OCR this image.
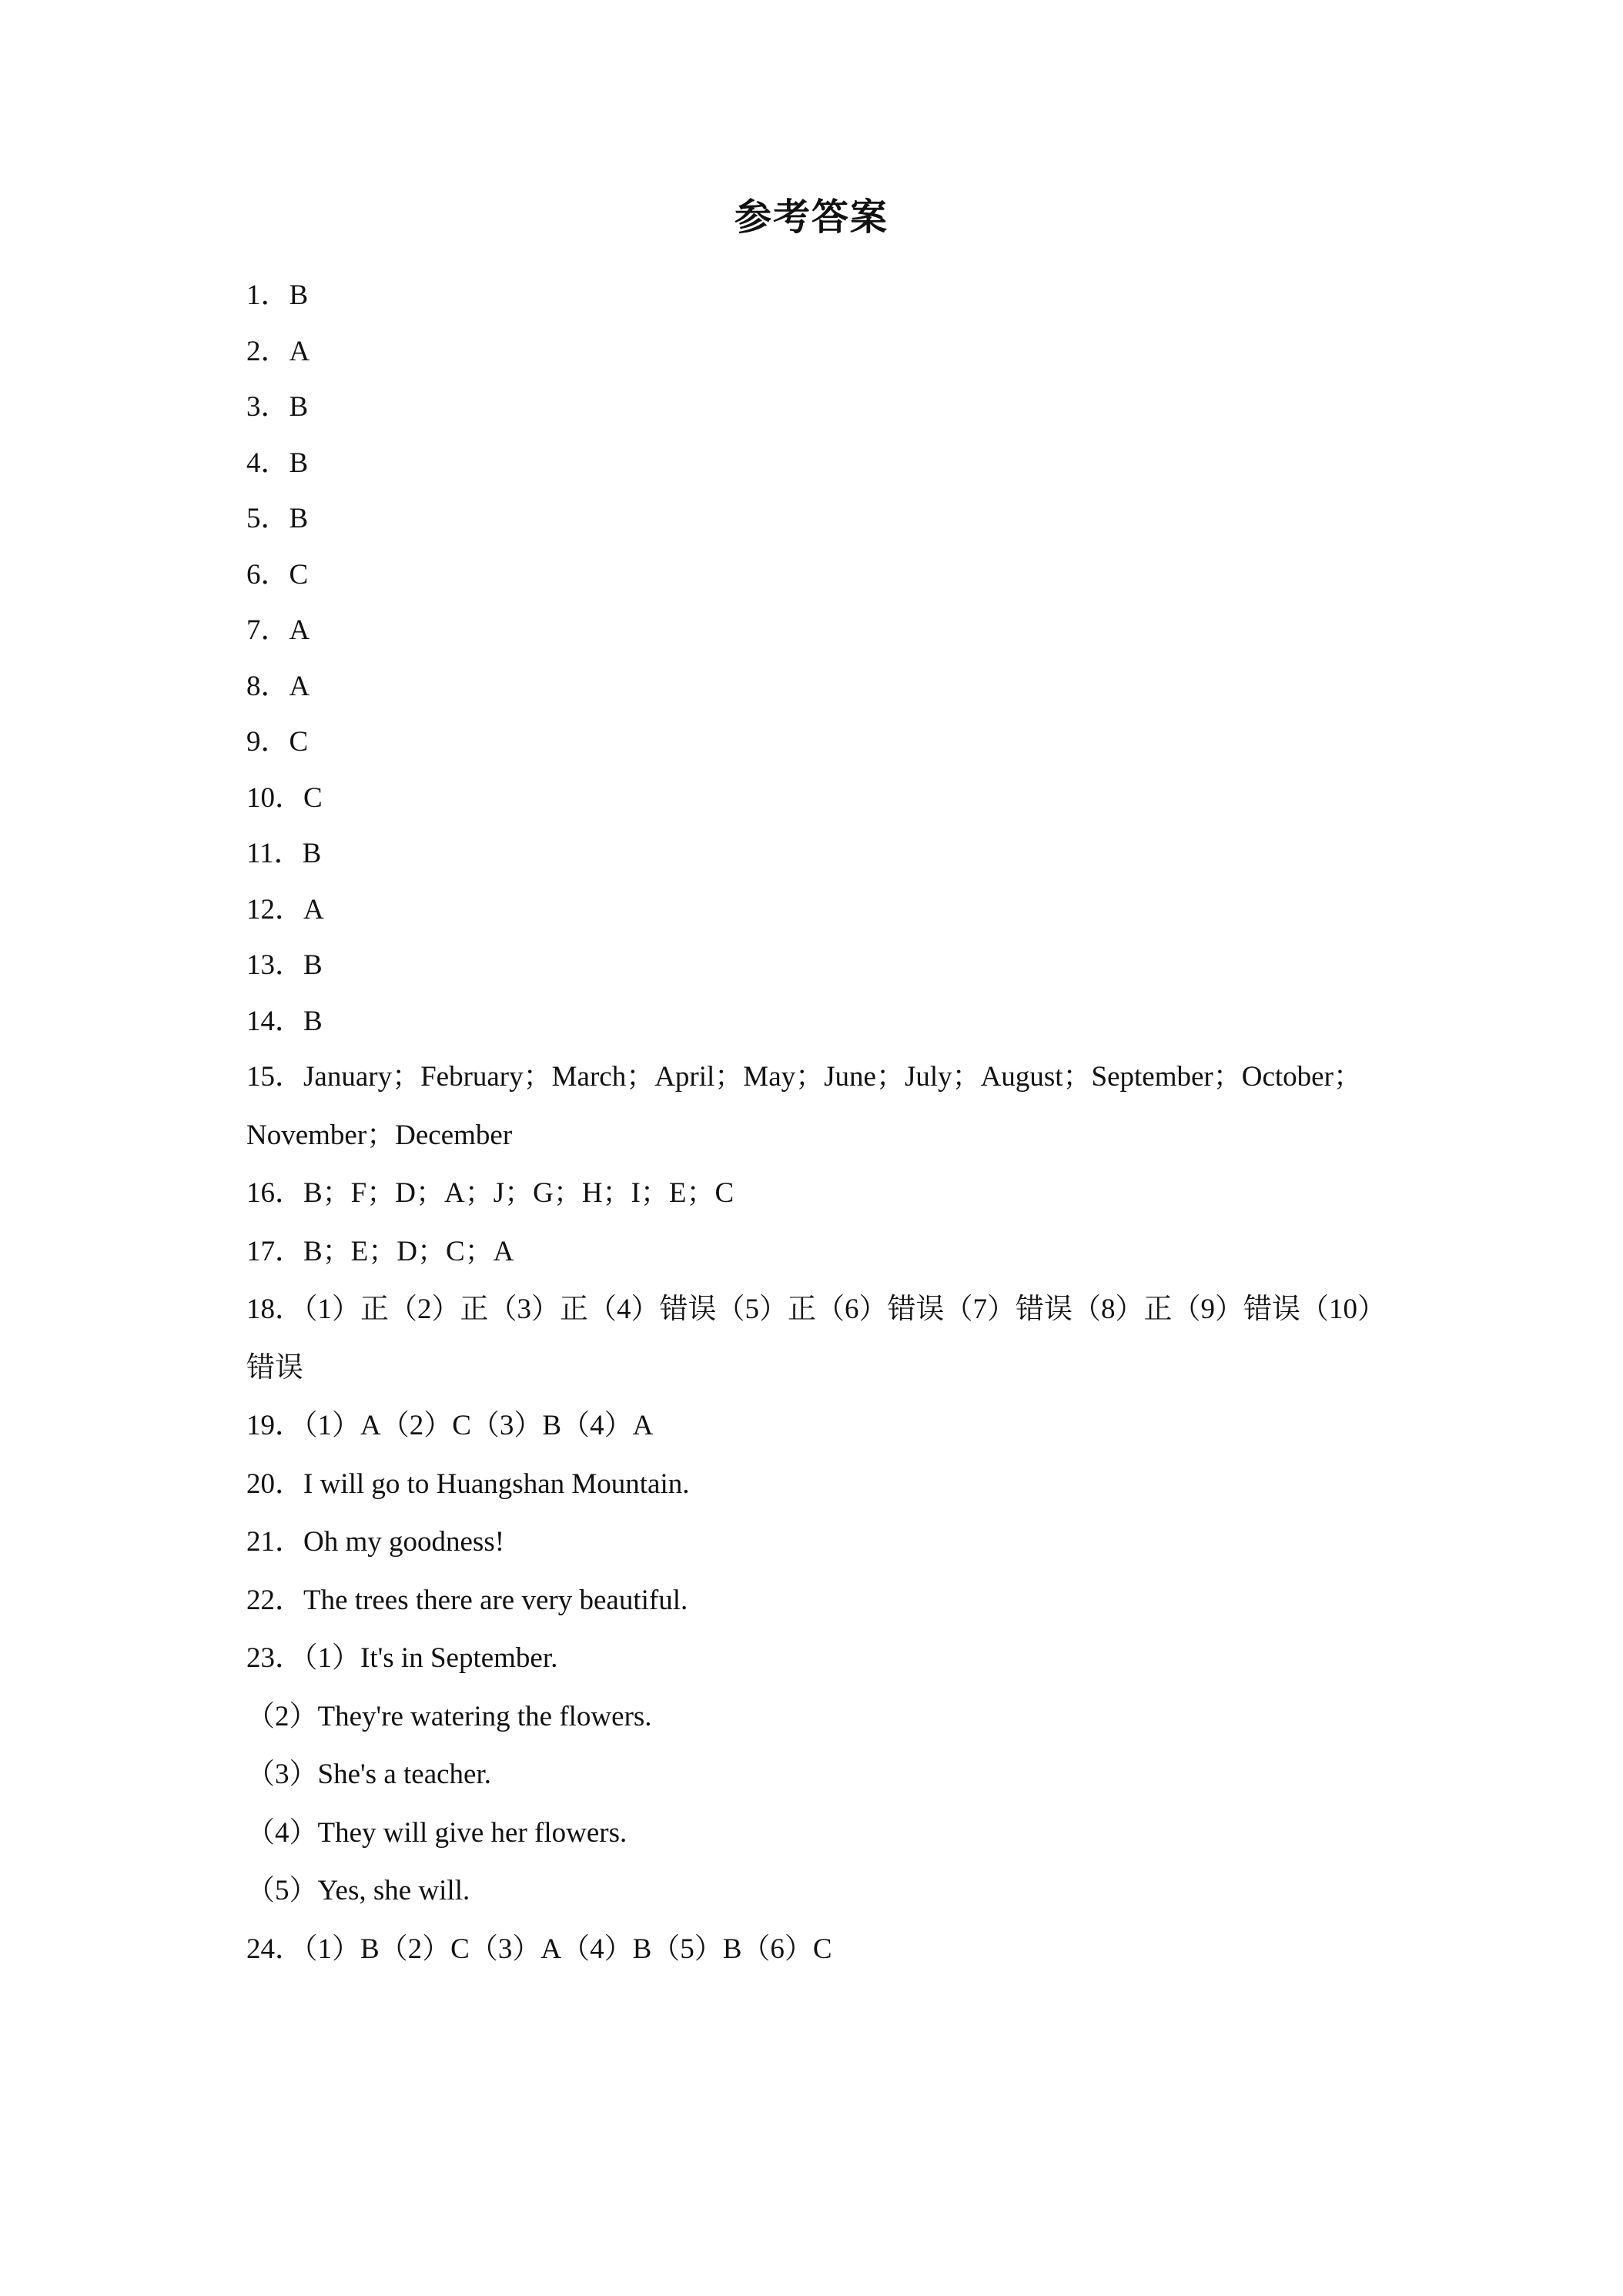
参考答案
1．B
2．A
3．B
4．B
5．B
6．C
7．A
8．A
9．C
10．C
11．B
12．A
13．B
14．B
15．January；February；March；April；May；June；July；August；September；October；
November；December
16．B；F；D；A；J；G；H；I；E；C
17．B；E；D；C；A
18．（1）正（2）正（3）正（4）错误（5）正（6）错误（7）错误（8）正（9）错误（10）
错误
19．（1）A（2）C（3）B（4）A
20．I will go to Huangshan Mountain.
21．Oh my goodness!
22．The trees there are very beautiful.
23．（1）It's in September.
（2）They're watering the flowers.
（3）She's a teacher.
（4）They will give her flowers.
（5）Yes, she will.
24．（1）B（2）C（3）A（4）B（5）B（6）C
